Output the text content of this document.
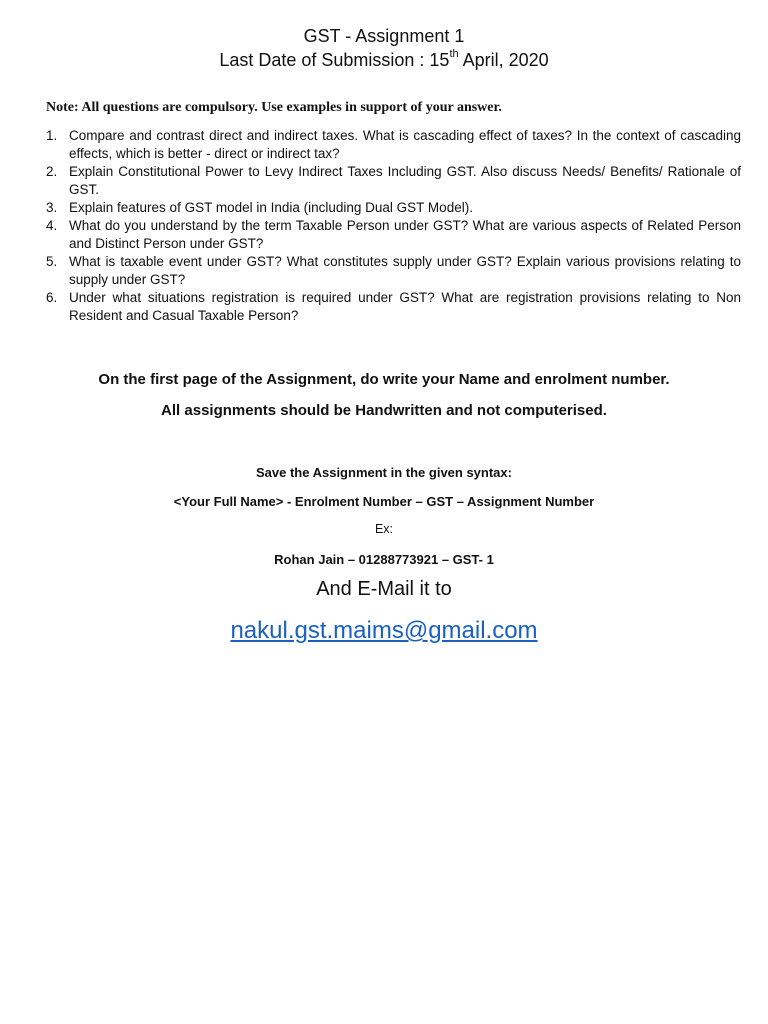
GST - Assignment 1
Last Date of Submission : 15th April, 2020
Note: All questions are compulsory. Use examples in support of your answer.
1. Compare and contrast direct and indirect taxes. What is cascading effect of taxes? In the context of cascading effects, which is better - direct or indirect tax?
2. Explain Constitutional Power to Levy Indirect Taxes Including GST. Also discuss Needs/ Benefits/ Rationale of GST.
3. Explain features of GST model in India (including Dual GST Model).
4. What do you understand by the term Taxable Person under GST? What are various aspects of Related Person and Distinct Person under GST?
5. What is taxable event under GST? What constitutes supply under GST? Explain various provisions relating to supply under GST?
6. Under what situations registration is required under GST? What are registration provisions relating to Non Resident and Casual Taxable Person?
On the first page of the Assignment, do write your Name and enrolment number.
All assignments should be Handwritten and not computerised.
Save the Assignment in the given syntax:
<Your Full Name> - Enrolment Number – GST – Assignment Number
Ex:
Rohan Jain – 01288773921 – GST- 1
And E-Mail it to
nakul.gst.maims@gmail.com
